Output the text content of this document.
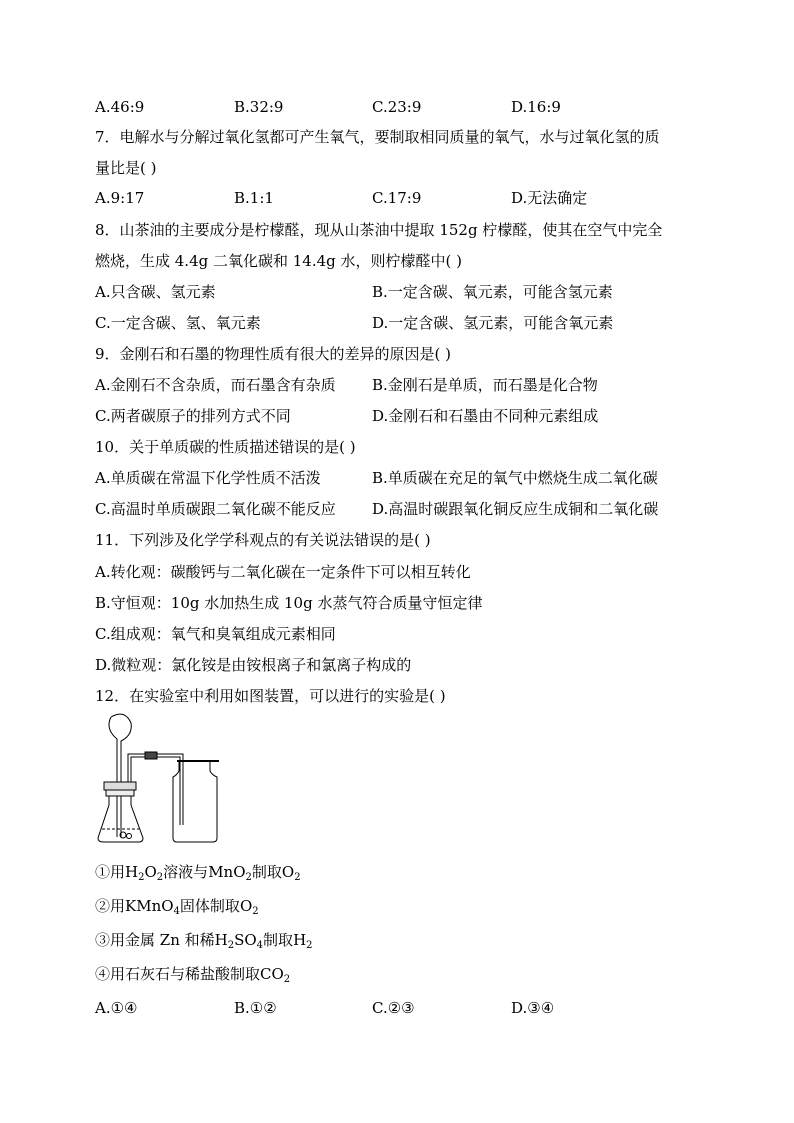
A.46:9	B.32:9	C.23:9	D.16:9
7．电解水与分解过氧化氢都可产生氧气，要制取相同质量的氧气，水与过氧化氢的质
量比是( )
A.9:17	B.1:1	C.17:9	D.无法确定
8．山茶油的主要成分是柠檬醛，现从山茶油中提取 152g 柠檬醛，使其在空气中完全
燃烧，生成 4.4g 二氧化碳和 14.4g 水，则柠檬醛中( )
A.只含碳、氢元素	B.一定含碳、氧元素，可能含氢元素
C.一定含碳、氢、氧元素	D.一定含碳、氢元素，可能含氧元素
9．金刚石和石墨的物理性质有很大的差异的原因是( )
A.金刚石不含杂质，而石墨含有杂质 B.金刚石是单质，而石墨是化合物
C.两者碳原子的排列方式不同	D.金刚石和石墨由不同种元素组成
10．关于单质碳的性质描述错误的是( )
A.单质碳在常温下化学性质不活泼	B.单质碳在充足的氧气中燃烧生成二氧化碳
C.高温时单质碳跟二氧化碳不能反应 D.高温时碳跟氧化铜反应生成铜和二氧化碳
11．下列涉及化学学科观点的有关说法错误的是( )
A.转化观：碳酸钙与二氧化碳在一定条件下可以相互转化
B.守恒观：10g 水加热生成 10g 水蒸气符合质量守恒定律
C.组成观：氧气和臭氧组成元素相同
D.微粒观：氯化铵是由铵根离子和氯离子构成的
12．在实验室中利用如图装置，可以进行的实验是( )
①用$H_2O_2$溶液与MnO$_2$制取$O_2$
②用KMnO$_4$固体制取$O_2$
③用金属 Zn 和稀$H_2SO_4$制取$H_2$
④用石灰石与稀盐酸制取$CO_2$
A.①④	B.①②	C.②③	D.③④
